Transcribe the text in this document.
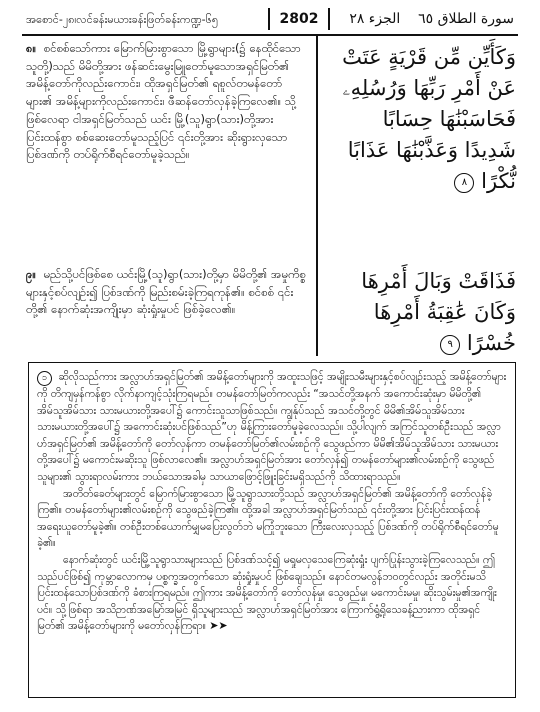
အစောင်-၂၈၊လင်ခန်းမယားခန်းဖြတ်ခန်းကဏ္ဍ-၆၅	2802	سورة الطلاق ٦٥    الجزء ٢٨
၈။ စင်စစ်သော်ကား မြောက်မြားစွာသော မြို့ရွာများ(၌ နေထိုင်သောသူတို့)သည် မိမိတို့အား ဖန်ဆင်းမွေးမြူတော်မူသောအရှင်မြတ်၏ အမိန့်တော်ကိုလည်းကောင်း၊ ထိုအရှင်မြတ်၏ ရစူလ်တမန်တော်များ၏ အမိန့်များကိုလည်းကောင်း၊ ဖီဆန်တော်လှန်ခဲ့ကြလေ၏။ သို့ဖြစ်လေရာ ငါအရှင်မြတ်သည် ယင်း မြို့(သူ)ရွာ(သား)တို့အား ပြင်းထန်စွာ စစ်ဆေးတော်မူသည့်ပြင် ၎င်းတို့အား ဆိုးရွားလှသော ပြစ်ဒဏ်ကို တပ်ရိုက်စီရင်တော်မူခဲ့သည်။
وَكَأَيِّن مِّن قَرْيَةٍ عَتَتْ عَنْ أَمْرِ رَبِّهَا وَرُسُلِهِۦ فَحَاسَبْنَٰهَا حِسَابًا شَدِيدًا وَعَذَّبْنَٰهَا عَذَابًا نُّكْرًا ٨
၉။ မည်သို့ပင်ဖြစ်စေ ယင်းမြို့(သူ)ရွာ(သား)တို့မှာ မိမိတို့၏ အမှုကိစ္စများနှင့်စပ်လျဉ်း၍ ပြစ်ဒဏ်ကို မြည်းစမ်းခဲ့ကြရကုန်၏။ စင်စစ် ၎င်းတို့၏ နောက်ဆုံးအကျိုးမှာ ဆုံးရှုံးမှုပင် ဖြစ်ခဲ့လေ၏။
فَذَاقَتْ وَبَالَ أَمْرِهَا وَكَانَ عَٰقِبَةُ أَمْرِهَا خُسْرًا ٩

၁ ဆိုလိုသည်ကား အလ္လာဟ်အရှင်မြတ်၏ အမိန့်တော်များကို အထူးသဖြင့် အမျိုးသမီးများနှင့်စပ်လျဉ်းသည့် အမိန့်တော်များကို တိကျမှန်ကန်စွာ လိုက်နာကျင့်သုံးကြရမည်။ တမန်တော်မြတ်ကလည်း “အသင်တို့အနက် အကောင်းဆုံးမှာ မိမိတို့၏ အိမ်သူအိမ်သား သားမယားတို့အပေါ်၌ ကောင်းသူသာဖြစ်သည်။ ကျွန်ုပ်သည် အသင်တို့တွင် မိမိ၏အိမ်သူအိမ်သား သားမယားတို့အပေါ်၌ အကောင်းဆုံးပင်ဖြစ်သည်”ဟု မိန့်ကြားတော်မူခဲ့လေသည်။ သို့ပါလျက် အကြင်သူတစ်ဦးသည် အလ္လာဟ်အရှင်မြတ်၏ အမိန့်တော်ကို တော်လှန်ကာ တမန်တော်မြတ်၏လမ်းစဉ်ကို သွေဖည်ကာ မိမိ၏အိမ်သူအိမ်သား သားမယားတို့အပေါ်၌ မကောင်းမဆိုးသူ ဖြစ်လာလေ၏။ အလ္လာဟ်အရှင်မြတ်အား တော်လှန်၍ တမန်တော်များ၏လမ်းစဉ်ကို သွေဖည်သူများ၏ သွားရာလမ်းကား ဘယ်သောအခါမှ သာယာဖြောင့်ဖြူးခြင်းမရှိသည်ကို သိထားရာသည်။

အတိတ်ခေတ်များတွင် မြောက်မြားစွာသော မြို့သူရွာသားတို့သည် အလ္လာဟ်အရှင်မြတ်၏ အမိန့်တော်ကို တော်လှန်ခဲ့ကြ၏။ တမန်တော်များ၏လမ်းစဉ်ကို သွေဖည်ခဲ့ကြ၏။ ထို့အခါ အလ္လာဟ်အရှင်မြတ်သည် ၎င်းတို့အား ပြင်းပြင်းထန်ထန် အရေးယူတော်မူခဲ့၏။ တစ်ဦးတစ်ယောက်မျှမပြေးလွတ်ဘဲ မကြုံဘူးသော ကြီးလေးလှသည့် ပြစ်ဒဏ်ကို တပ်ရိုက်စီရင်တော်မူခဲ့၏။

နောက်ဆုံးတွင် ယင်းမြို့သူရွာသားများသည် ပြစ်ဒဏ်သင့်၍ မရှုမလှသေကြေဆုံးရှုံး ပျက်ပြုန်းသွားခဲ့ကြလေသည်။ ဤသည်ပင်ဖြစ်၍ ကုမ္ဘာလောကမှ ပစ္စက္ခအတွက်သော ဆုံးရှုံးမှုပင် ဖြစ်ချေသည်။ နောင်တမလွန်ဘဝတွင်လည်း အတိုင်းမသိ ပြင်းထန်သောပြစ်ဒဏ်ကို ခံစားကြရမည်။ ဤကား အမိန့်တော်ကို တော်လှန်မှု၊ သွေဖည်မှု၊ မကောင်းမမှု၊ ဆိုးသွမ်းမှု၏အကျိုးပင်။ သို့ဖြစ်ရာ အသိဉာဏ်အမြော်အမြင် ရှိသူများသည် အလ္လာဟ်အရှင်မြတ်အား ကြောက်ရွံ့ရိုသေခန့်ညားကာ ထိုအရှင်မြတ်၏ အမိန့်တော်များကို မတော်လှန်ကြရာ။ ➤➤
